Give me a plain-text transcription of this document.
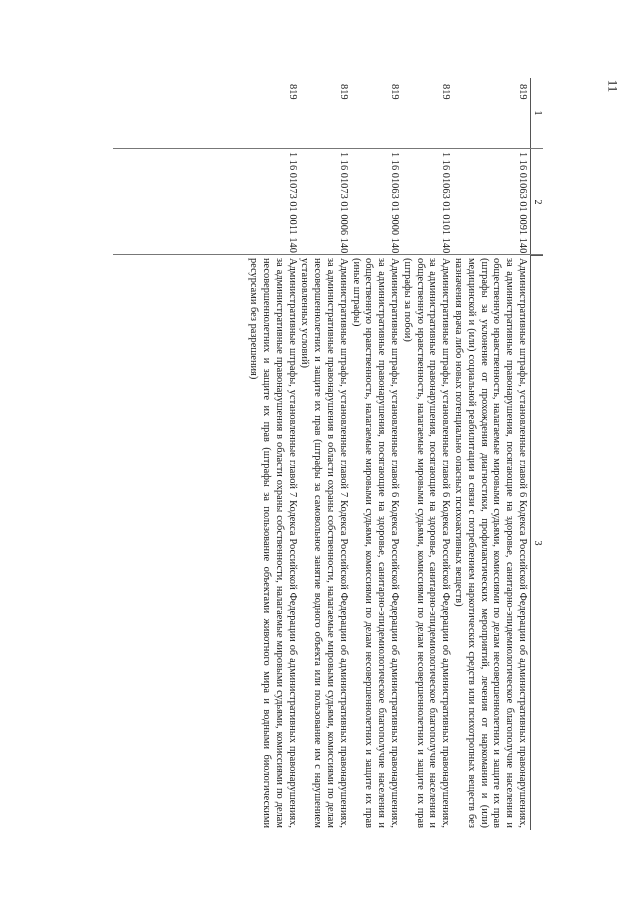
11
1
2
3
819
1 16 01063 01 0091 140
Административные штрафы, установленные главой 6 Кодекса Российской Федерации об административных правонарушениях, за административные правонарушения, посягающие на здоровье, санитарно-эпидемиологическое благополучие населения и общественную нравственность, налагаемые мировыми судьями, комиссиями по делам несовершеннолетних и защите их прав (штрафы за уклонение от прохождения диагностики, профилактических мероприятий, лечения от наркомании и (или) медицинской и (или) социальной реабилитации в связи с потреблением наркотических средств или психотропных веществ без назначения врача либо новых потенциально опасных психоактивных веществ)
819
1 16 01063 01 0101 140
Административные штрафы, установленные главой 6 Кодекса Российской Федерации об административных правонарушениях, за административные правонарушения, посягающие на здоровье, санитарно-эпидемиологическое благополучие населения и общественную нравственность, налагаемые мировыми судьями, комиссиями по делам несовершеннолетних и защите их прав (штрафы за побои)
819
1 16 01063 01 9000 140
Административные штрафы, установленные главой 6 Кодекса Российской Федерации об административных правонарушениях, за административные правонарушения, посягающие на здоровье, санитарно-эпидемиологическое благополучие населения и общественную нравственность, налагаемые мировыми судьями, комиссиями по делам несовершеннолетних и защите их прав (иные штрафы)
819
1 16 01073 01 0006 140
Административные штрафы, установленные главой 7 Кодекса Российской Федерации об административных правонарушениях, за административные правонарушения в области охраны собственности, налагаемые мировыми судьями, комиссиями по делам несовершеннолетних и защите их прав (штрафы за самовольное занятие водного объекта или пользование им с нарушением установленных условий)
819
1 16 01073 01 0011 140
Административные штрафы, установленные главой 7 Кодекса Российской Федерации об административных правонарушениях, за административные правонарушения в области охраны собственности, налагаемые мировыми судьями, комиссиями по делам несовершеннолетних и защите их прав (штрафы за пользование объектами животного мира и водными биологическими ресурсами без разрешения)
